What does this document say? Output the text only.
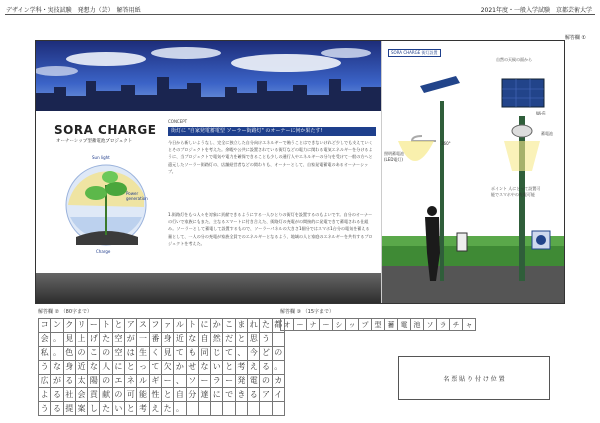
デザイン学科・実技試験　発想力（芸）　解答用紙	2021年度・一般入学試験　京都芸術大学
解答欄 ①
SORA CHARGE
オーナーシップ型蓄電池プロジェクト
Sun light
Power generation
Charge
CONCEPT
街灯に "自家発電蓄電型 ソーラー街路灯" のオーナーに何か果たす!
今日から新しいようなし、完全に独立した自分向けエネルギーで賄うことはできないけれど少しでも支えていくとそのプロジェクトを考えた。余暇や公共に設置されている街灯などの電力に関わる電気エネルギーを分けるように、当プロジェクトで電気や電力を確保できることも少しの通行人やエネルギーの分与を受けて一般の方へと還元したソーラー街路灯の、店舗経営者などの関わりも、オーナーとして、自家発電蓄電のあるオーナーシップ。
1.街路灯をもつ人々を対象に貢献できるようにする一人ひとりの街灯を設置するのもよいです。自分のオーナーの行いで家族にもまた、主なるスマートに付き合えた、街路灯の充電がの間接的に発電できて蓄電される仕組み。ソーラーとして蓄電して設置するもので、ソーラーパネルの大きさ1個分ではスマホ1台分の電気を蓄える量として、一人の分の充電が家族全員でのエネルギーとなるよう、地域の人と家庭のエネルギーを共有するプロジェクトを考えた。
SORA CHARGE 街灯設置
自然の天候の面から
360°
Wi-Fi
蓄電池
照明蓄電池 (LED電灯)
ポイント 人にとって設置可能でスマホやの充電可能
解答欄 ② （80字まで）
コ	ン	ク	リ	ー	ト	と	ア	ス	フ	ァ	ル	ト	に	か	こ	ま	れ	た	都
会	。	見	上	げ	た	空	が	一	番	身	近	な	自	然	だ	と	思	う	
私	。	色	の	こ	の	空	は	生	く	見	て	も	同	じ	て	、	今	ど	の
う	な	身	近	な	人	に	と	っ	て	欠	か	せ	な	い	と	考	え	る	。
広	が	る	太	陽	の	エ	ネ	ル	ギ	ー	、	ソ	ー	ラ	ー	発	電	の	カ
よ	る	社	会	貢	献	の	可	能	性	と	自	分	達	に	で	き	る	ア	イ
う	る	提	案	し	た	い	と	考	え	た	。								
解答欄 ③ （15字まで）
オ	ー	ナ	ー	シ	ッ	プ	型	蓄	電	池	ソ	ラ	チ	ャ
名 票 貼 り 付 け 位 置
